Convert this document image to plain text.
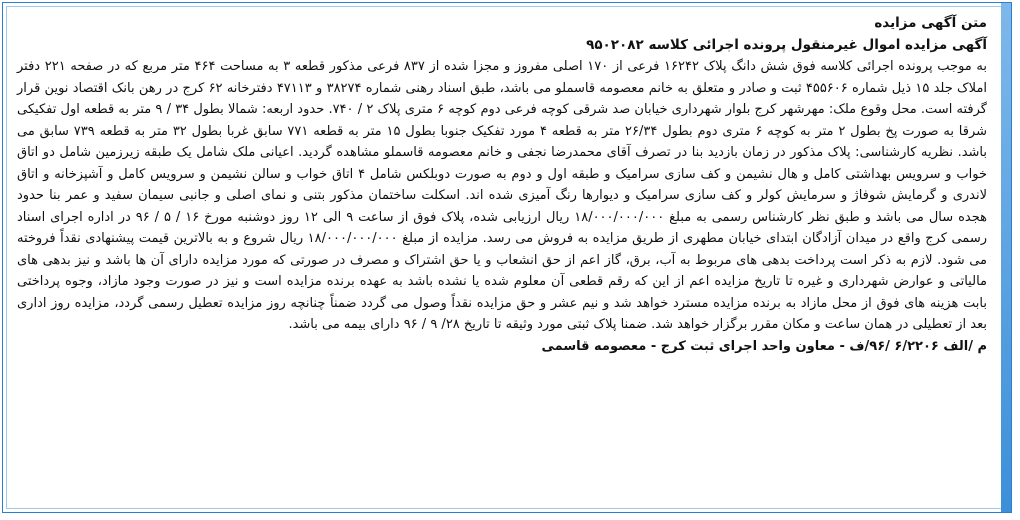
متن آگهی مزایده
آگهی مزایده اموال غیرمنقول پرونده اجرائی کلاسه ۹۵۰۲۰۸۲
به موجب پرونده اجرائی کلاسه فوق شش دانگ پلاک ۱۶۲۴۲ فرعی از ۱۷۰ اصلی مفروز و مجزا شده از ۸۳۷ فرعی مذکور قطعه ۳ به مساحت ۴۶۴ متر مربع که در صفحه ۲۲۱ دفتر املاک جلد ۱۵ ذیل شماره ۴۵۵۶۰۶ ثبت و صادر و متعلق به خانم معصومه قاسملو می باشد، طبق اسناد رهنی شماره ۳۸۲۷۴ و ۴۷۱۱۳ دفترخانه ۶۲ کرج در رهن بانک اقتصاد نوین قرار گرفته است. محل وقوع ملک: مهرشهر کرج بلوار شهرداری خیابان صد شرقی کوچه فرعی دوم کوچه ۶ متری پلاک ۲ / ۷۴۰. حدود اربعه: شمالا بطول ۳۴ / ۹ متر به قطعه اول تفکیکی شرقا به صورت پخ بطول ۲ متر به کوچه ۶ متری دوم بطول ۲۶/۳۴ متر به قطعه ۴ مورد تفکیک جنوبا بطول ۱۵ متر به قطعه ۷۷۱ سابق غربا بطول ۳۲ متر به قطعه ۷۳۹ سابق می باشد. نظریه کارشناسی: پلاک مذکور در زمان بازدید بنا در تصرف آقای محمدرضا نجفی و خانم معصومه قاسملو مشاهده گردید. اعیانی ملک شامل یک طبقه زیرزمین شامل دو اتاق خواب و سرویس بهداشتی کامل و هال نشیمن و کف سازی سرامیک و طبقه اول و دوم به صورت دوبلکس شامل ۴ اتاق خواب و سالن نشیمن و سرویس کامل و آشپزخانه و اتاق لاندری و گرمایش شوفاژ و سرمایش کولر و کف سازی سرامیک و دیوارها رنگ آمیزی شده اند. اسکلت ساختمان مذکور بتنی و نمای اصلی و جانبی سیمان سفید و عمر بنا حدود هجده سال می باشد و طبق نظر کارشناس رسمی به مبلغ ۱۸/۰۰۰/۰۰۰/۰۰۰ ریال ارزیابی شده، پلاک فوق از ساعت ۹ الی ۱۲ روز دوشنبه مورخ ۱۶ / ۵ / ۹۶ در اداره اجرای اسناد رسمی کرج واقع در میدان آزادگان ابتدای خیابان مطهری از طریق مزایده به فروش می رسد. مزایده از مبلغ ۱۸/۰۰۰/۰۰۰/۰۰۰ ریال شروع و به بالاترین قیمت پیشنهادی نقداً فروخته می شود. لازم به ذکر است پرداخت بدهی های مربوط به آب، برق، گاز اعم از حق انشعاب و یا حق اشتراک و مصرف در صورتی که مورد مزایده دارای آن ها باشد و نیز بدهی های مالیاتی و عوارض شهرداری و غیره تا تاریخ مزایده اعم از این که رقم قطعی آن معلوم شده یا نشده باشد به عهده برنده مزایده است و نیز در صورت وجود مازاد، وجوه پرداختی بابت هزینه های فوق از محل مازاد به برنده مزایده مسترد خواهد شد و نیم عشر و حق مزایده نقداً وصول می گردد ضمناً چنانچه روز مزایده تعطیل رسمی گردد، مزایده روز اداری بعد از تعطیلی در همان ساعت و مکان مقرر برگزار خواهد شد. ضمنا پلاک ثبتی مورد وثیقه تا تاریخ ۲۸/ ۹ / ۹۶ دارای بیمه می باشد.
م /الف ۶/۲۲۰۶ /۹۶/ف - معاون واحد اجرای ثبت کرج - معصومه قاسمی
